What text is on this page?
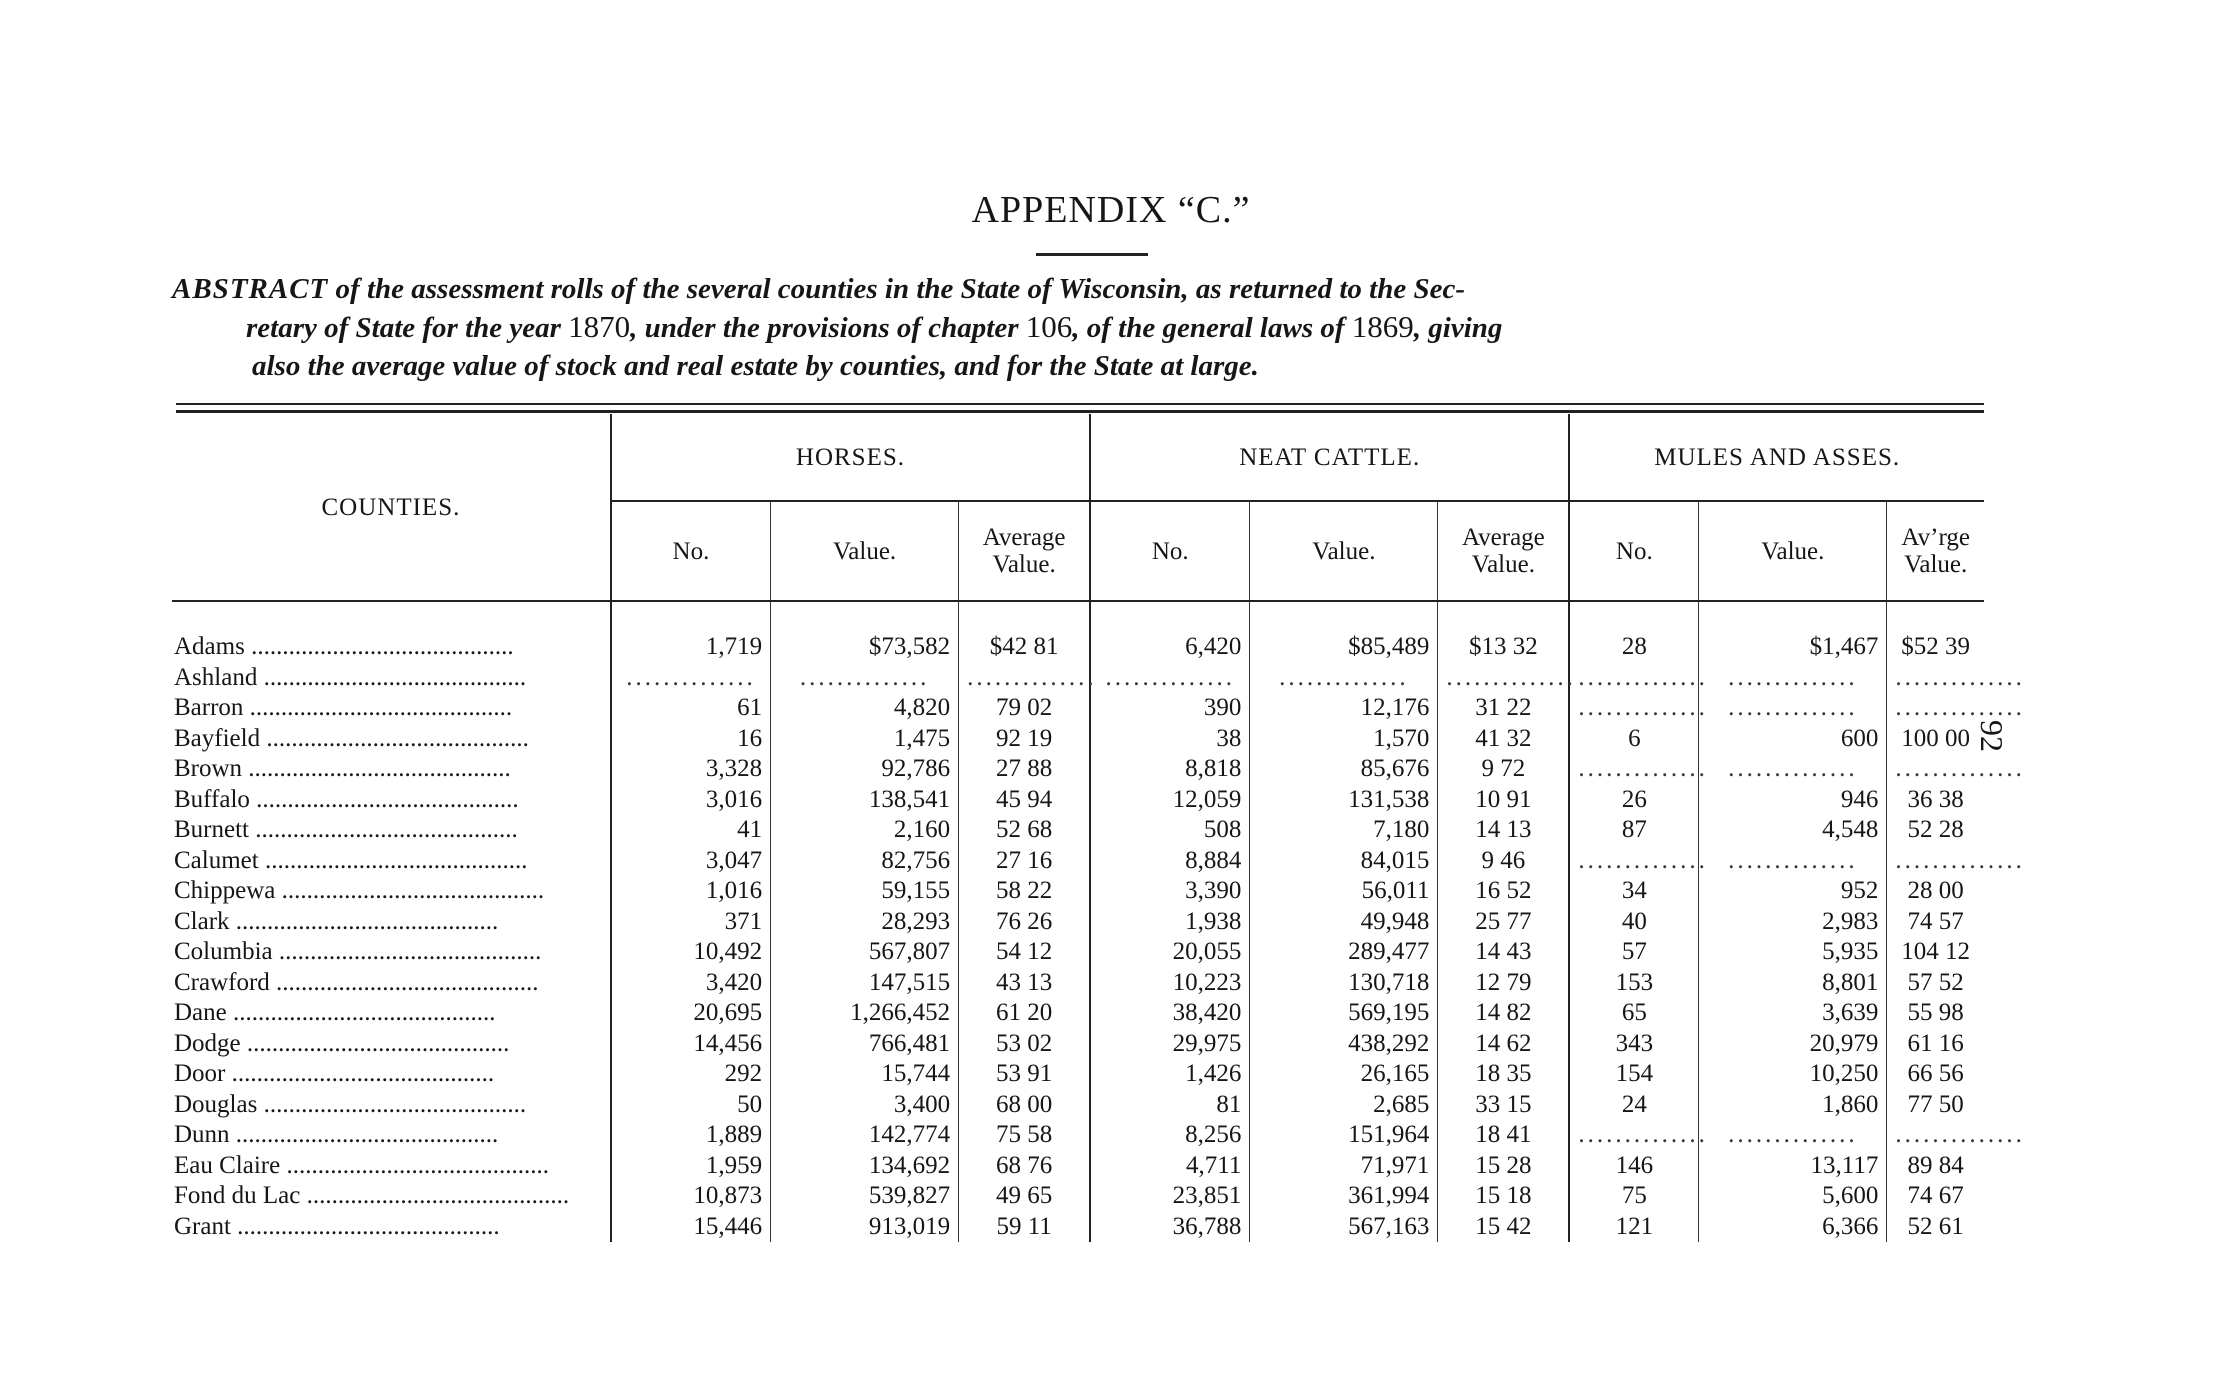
APPENDIX “C.”
ABSTRACT of the assessment rolls of the several counties in the State of Wisconsin, as returned to the Sec-
retary of State for the year 1870, under the provisions of chapter 106, of the general laws of 1869, giving
also the average value of stock and real estate by counties, and for the State at large.
92
COUNTIES.	HORSES.			NEAT CATTLE.			MULES AND ASSES.		
	No.	Value.	Average Value.	No.	Value.	Average Value.	No.	Value.	Av’rge Value.

Adams ..........................................	1,719	$73,582	$42 81	6,420	$85,489	$13 32	28	$1,467	$52 39
Ashland ..........................................	..............	..............	..............	..............	..............	..............	..............	..............	..............
Barron ..........................................	61	4,820	79 02	390	12,176	31 22	..............	..............	..............
Bayfield ..........................................	16	1,475	92 19	38	1,570	41 32	6	600	100 00
Brown ..........................................	3,328	92,786	27 88	8,818	85,676	9 72	..............	..............	..............
Buffalo ..........................................	3,016	138,541	45 94	12,059	131,538	10 91	26	946	36 38
Burnett ..........................................	41	2,160	52 68	508	7,180	14 13	87	4,548	52 28
Calumet ..........................................	3,047	82,756	27 16	8,884	84,015	9 46	..............	..............	..............
Chippewa ..........................................	1,016	59,155	58 22	3,390	56,011	16 52	34	952	28 00
Clark ..........................................	371	28,293	76 26	1,938	49,948	25 77	40	2,983	74 57
Columbia ..........................................	10,492	567,807	54 12	20,055	289,477	14 43	57	5,935	104 12
Crawford ..........................................	3,420	147,515	43 13	10,223	130,718	12 79	153	8,801	57 52
Dane ..........................................	20,695	1,266,452	61 20	38,420	569,195	14 82	65	3,639	55 98
Dodge ..........................................	14,456	766,481	53 02	29,975	438,292	14 62	343	20,979	61 16
Door ..........................................	292	15,744	53 91	1,426	26,165	18 35	154	10,250	66 56
Douglas ..........................................	50	3,400	68 00	81	2,685	33 15	24	1,860	77 50
Dunn ..........................................	1,889	142,774	75 58	8,256	151,964	18 41	..............	..............	..............
Eau Claire ..........................................	1,959	134,692	68 76	4,711	71,971	15 28	146	13,117	89 84
Fond du Lac ..........................................	10,873	539,827	49 65	23,851	361,994	15 18	75	5,600	74 67
Grant ..........................................	15,446	913,019	59 11	36,788	567,163	15 42	121	6,366	52 61
